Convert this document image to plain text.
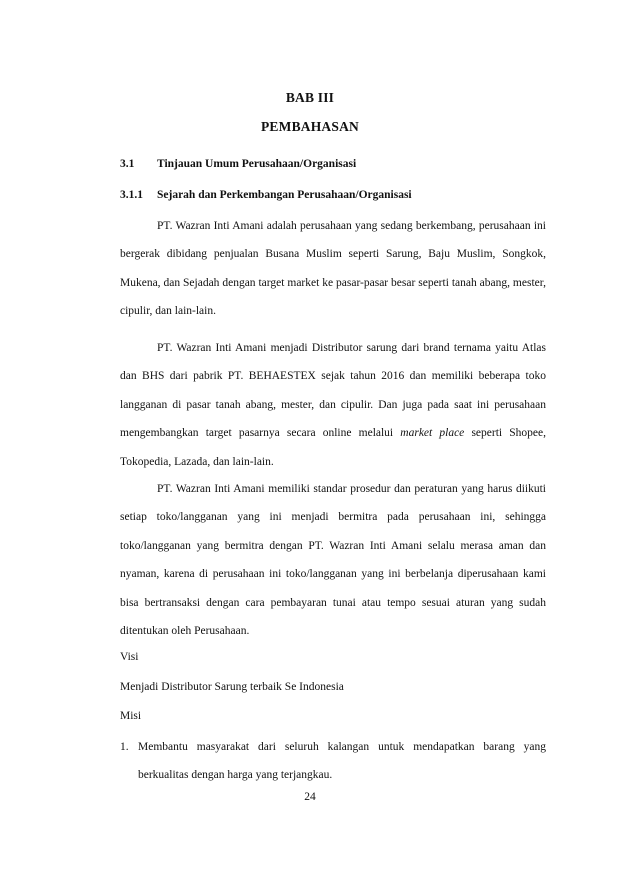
BAB III
PEMBAHASAN
3.1 Tinjauan Umum Perusahaan/Organisasi
3.1.1 Sejarah dan Perkembangan Perusahaan/Organisasi

PT. Wazran Inti Amani adalah perusahaan yang sedang berkembang, perusahaan ini bergerak dibidang penjualan Busana Muslim seperti Sarung, Baju Muslim, Songkok, Mukena, dan Sejadah dengan target market ke pasar-pasar besar seperti tanah abang, mester, cipulir, dan lain-lain.

PT. Wazran Inti Amani menjadi Distributor sarung dari brand ternama yaitu Atlas dan BHS dari pabrik PT. BEHAESTEX sejak tahun 2016 dan memiliki beberapa toko langganan di pasar tanah abang, mester, dan cipulir. Dan juga pada saat ini perusahaan mengembangkan target pasarnya secara online melalui market place seperti Shopee, Tokopedia, Lazada, dan lain-lain.

PT. Wazran Inti Amani memiliki standar prosedur dan peraturan yang harus diikuti setiap toko/langganan yang ini menjadi bermitra pada perusahaan ini, sehingga toko/langganan yang bermitra dengan PT. Wazran Inti Amani selalu merasa aman dan nyaman, karena di perusahaan ini toko/langganan yang ini berbelanja diperusahaan kami bisa bertransaksi dengan cara pembayaran tunai atau tempo sesuai aturan yang sudah ditentukan oleh Perusahaan.

Visi
Menjadi Distributor Sarung terbaik Se Indonesia
Misi
1. Membantu masyarakat dari seluruh kalangan untuk mendapatkan barang yang berkualitas dengan harga yang terjangkau.
24
